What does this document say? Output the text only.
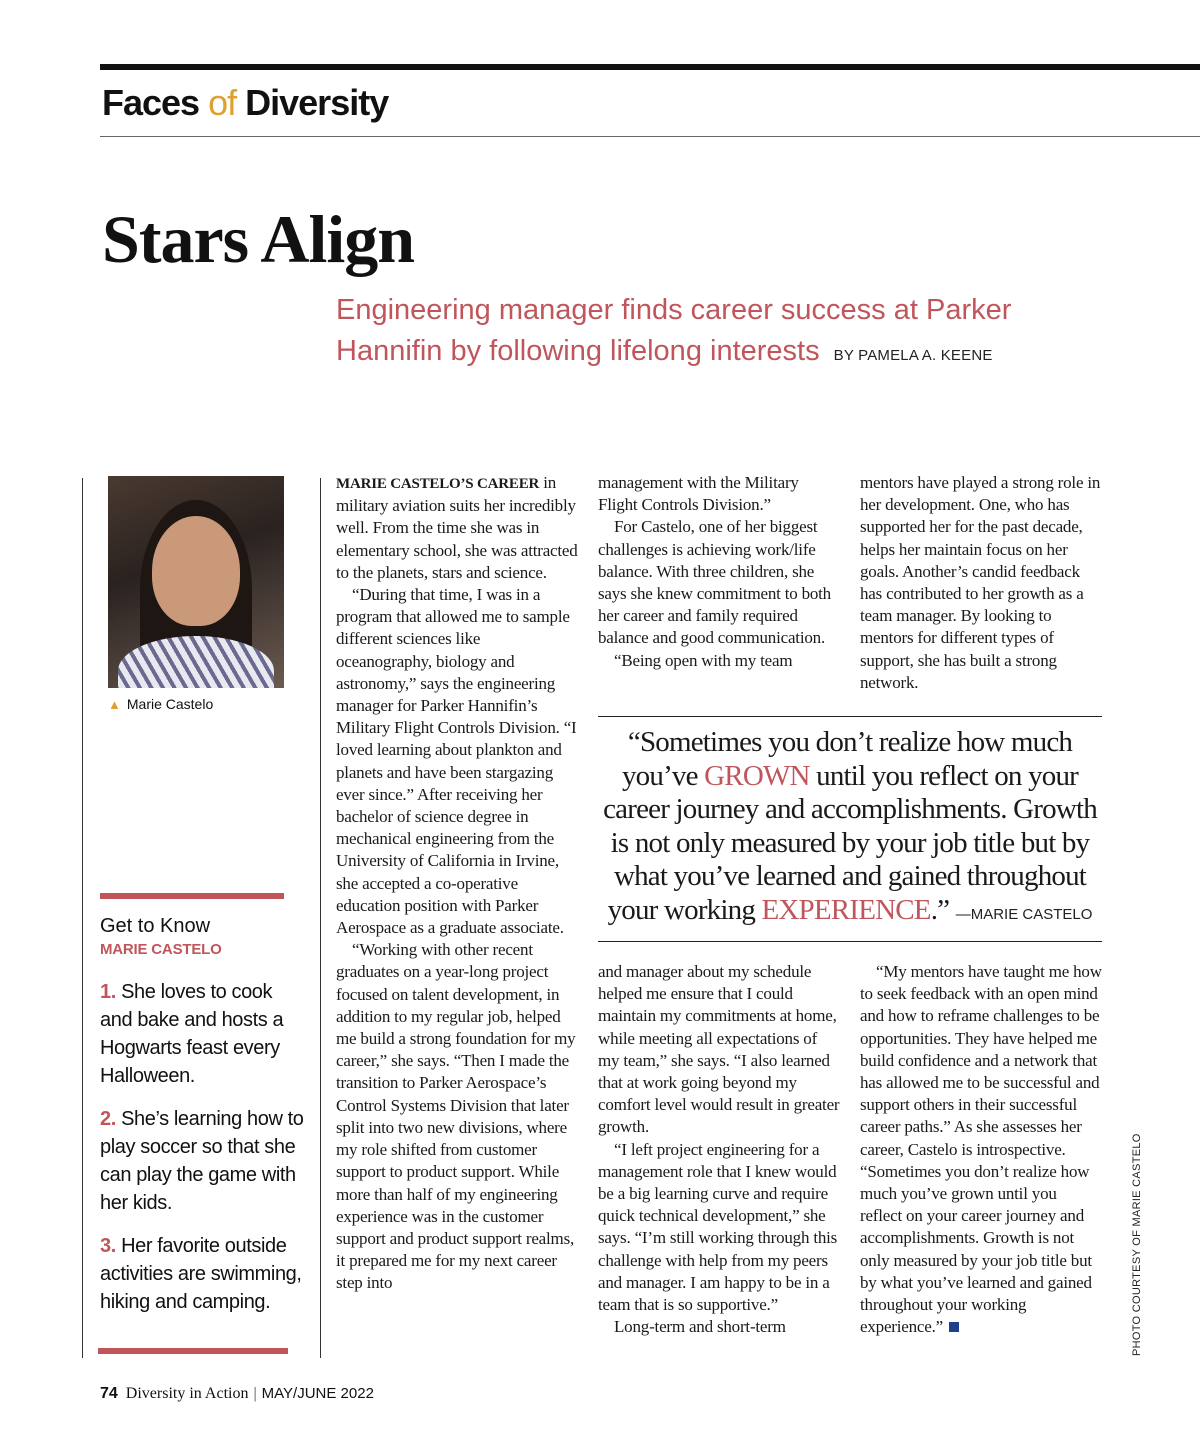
Faces of Diversity
Stars Align

Engineering manager finds career success at Parker Hannifin by following lifelong interests BY PAMELA A. KEENE

▲ Marie Castelo
Get to Know
MARIE CASTELO
1. She loves to cook and bake and hosts a Hogwarts feast every Halloween.
2. She’s learning how to play soccer so that she can play the game with her kids.
3. Her favorite outside activities are swimming, hiking and camping.

MARIE CASTELO’S CAREER in military aviation suits her incredibly well. From the time she was in elementary school, she was attracted to the planets, stars and science.

“During that time, I was in a program that allowed me to sample different sciences like oceanography, biology and astronomy,” says the engineering manager for Parker Hannifin’s Military Flight Controls Division. “I loved learning about plankton and planets and have been stargazing ever since.” After receiving her bachelor of science degree in mechanical engineering from the University of California in Irvine, she accepted a co-operative education position with Parker Aerospace as a graduate associate.

“Working with other recent graduates on a year-long project focused on talent development, in addition to my regular job, helped me build a strong foundation for my career,” she says. “Then I made the transition to Parker Aerospace’s Control Systems Division that later split into two new divisions, where my role shifted from customer support to product support. While more than half of my engineering experience was in the customer support and product support realms, it prepared me for my next career step into

management with the Military Flight Controls Division.”

For Castelo, one of her biggest challenges is achieving work/life balance. With three children, she says she knew commitment to both her career and family required balance and good communication.

“Being open with my team

mentors have played a strong role in her development. One, who has supported her for the past decade, helps her maintain focus on her goals. Another’s candid feedback has contributed to her growth as a team manager. By looking to mentors for different types of support, she has built a strong network.

“Sometimes you don’t realize how much you’ve GROWN until you reflect on your career journey and accomplishments. Growth is not only measured by your job title but by what you’ve learned and gained throughout your working EXPERIENCE.” —MARIE CASTELO

and manager about my schedule helped me ensure that I could maintain my commitments at home, while meeting all expectations of my team,” she says. “I also learned that at work going beyond my comfort level would result in greater growth.

“I left project engineering for a management role that I knew would be a big learning curve and require quick technical development,” she says. “I’m still working through this challenge with help from my peers and manager. I am happy to be in a team that is so supportive.”

Long-term and short-term

“My mentors have taught me how to seek feedback with an open mind and how to reframe challenges to be opportunities. They have helped me build confidence and a network that has allowed me to be successful and support others in their successful career paths.” As she assesses her career, Castelo is introspective. “Sometimes you don’t realize how much you’ve grown until you reflect on your career journey and accomplishments. Growth is not only measured by your job title but by what you’ve learned and gained throughout your working experience.”	PHOTO COURTESY OF MARIE CASTELO
74 Diversity in Action | MAY/JUNE 2022
